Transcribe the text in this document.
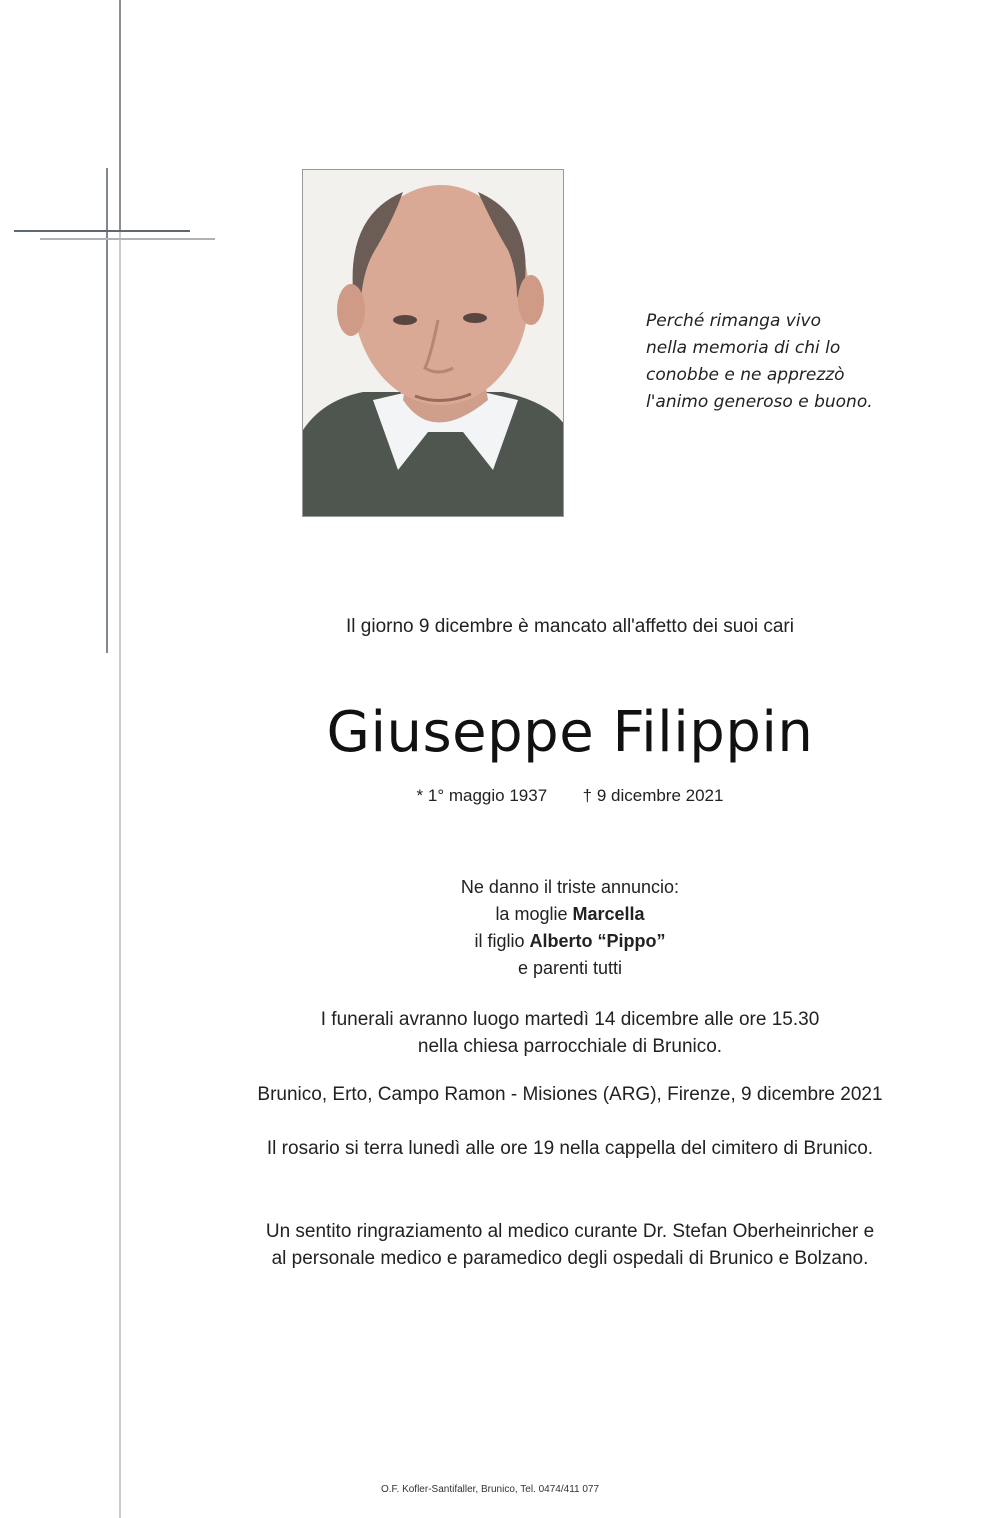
Perché rimanga vivo
nella memoria di chi lo
conobbe e ne apprezzò
l'animo generoso e buono.
Il giorno 9 dicembre è mancato all'affetto dei suoi cari
Giuseppe Filippin
* 1° maggio 1937 † 9 dicembre 2021
Ne danno il triste annuncio:
la moglie Marcella
il figlio Alberto “Pippo”
e parenti tutti
I funerali avranno luogo martedì 14 dicembre alle ore 15.30
nella chiesa parrocchiale di Brunico.
Brunico, Erto, Campo Ramon - Misiones (ARG), Firenze, 9 dicembre 2021
Il rosario si terra lunedì alle ore 19 nella cappella del cimitero di Brunico.
Un sentito ringraziamento al medico curante Dr. Stefan Oberheinricher e
al personale medico e paramedico degli ospedali di Brunico e Bolzano.
O.F. Kofler-Santifaller, Brunico, Tel. 0474/411 077
